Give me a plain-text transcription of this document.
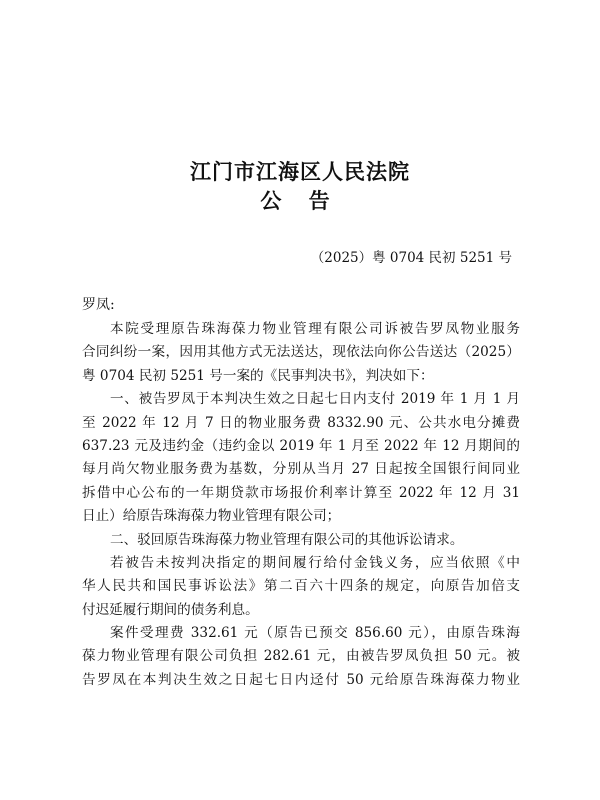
江门市江海区人民法院
公 告
（2025）粤 0704 民初 5251 号
罗凤:
本院受理原告珠海葆力物业管理有限公司诉被告罗凤物业服务
合同纠纷一案，因用其他方式无法送达，现依法向你公告送达（2025）
粤 0704 民初 5251 号一案的《民事判决书》，判决如下：
一、被告罗凤于本判决生效之日起七日内支付 2019 年 1 月 1 月
至 2022 年 12 月 7 日的物业服务费 8332.90 元、公共水电分摊费
637.23 元及违约金（违约金以 2019 年 1 月至 2022 年 12 月期间的
每月尚欠物业服务费为基数，分别从当月 27 日起按全国银行间同业
拆借中心公布的一年期贷款市场报价利率计算至 2022 年 12 月 31
日止）给原告珠海葆力物业管理有限公司；
二、驳回原告珠海葆力物业管理有限公司的其他诉讼请求。
若被告未按判决指定的期间履行给付金钱义务，应当依照《中
华人民共和国民事诉讼法》第二百六十四条的规定，向原告加倍支
付迟延履行期间的债务利息。
案件受理费 332.61 元（原告已预交 856.60 元），由原告珠海
葆力物业管理有限公司负担 282.61 元，由被告罗凤负担 50 元。被
告罗凤在本判决生效之日起七日内迳付 50 元给原告珠海葆力物业
